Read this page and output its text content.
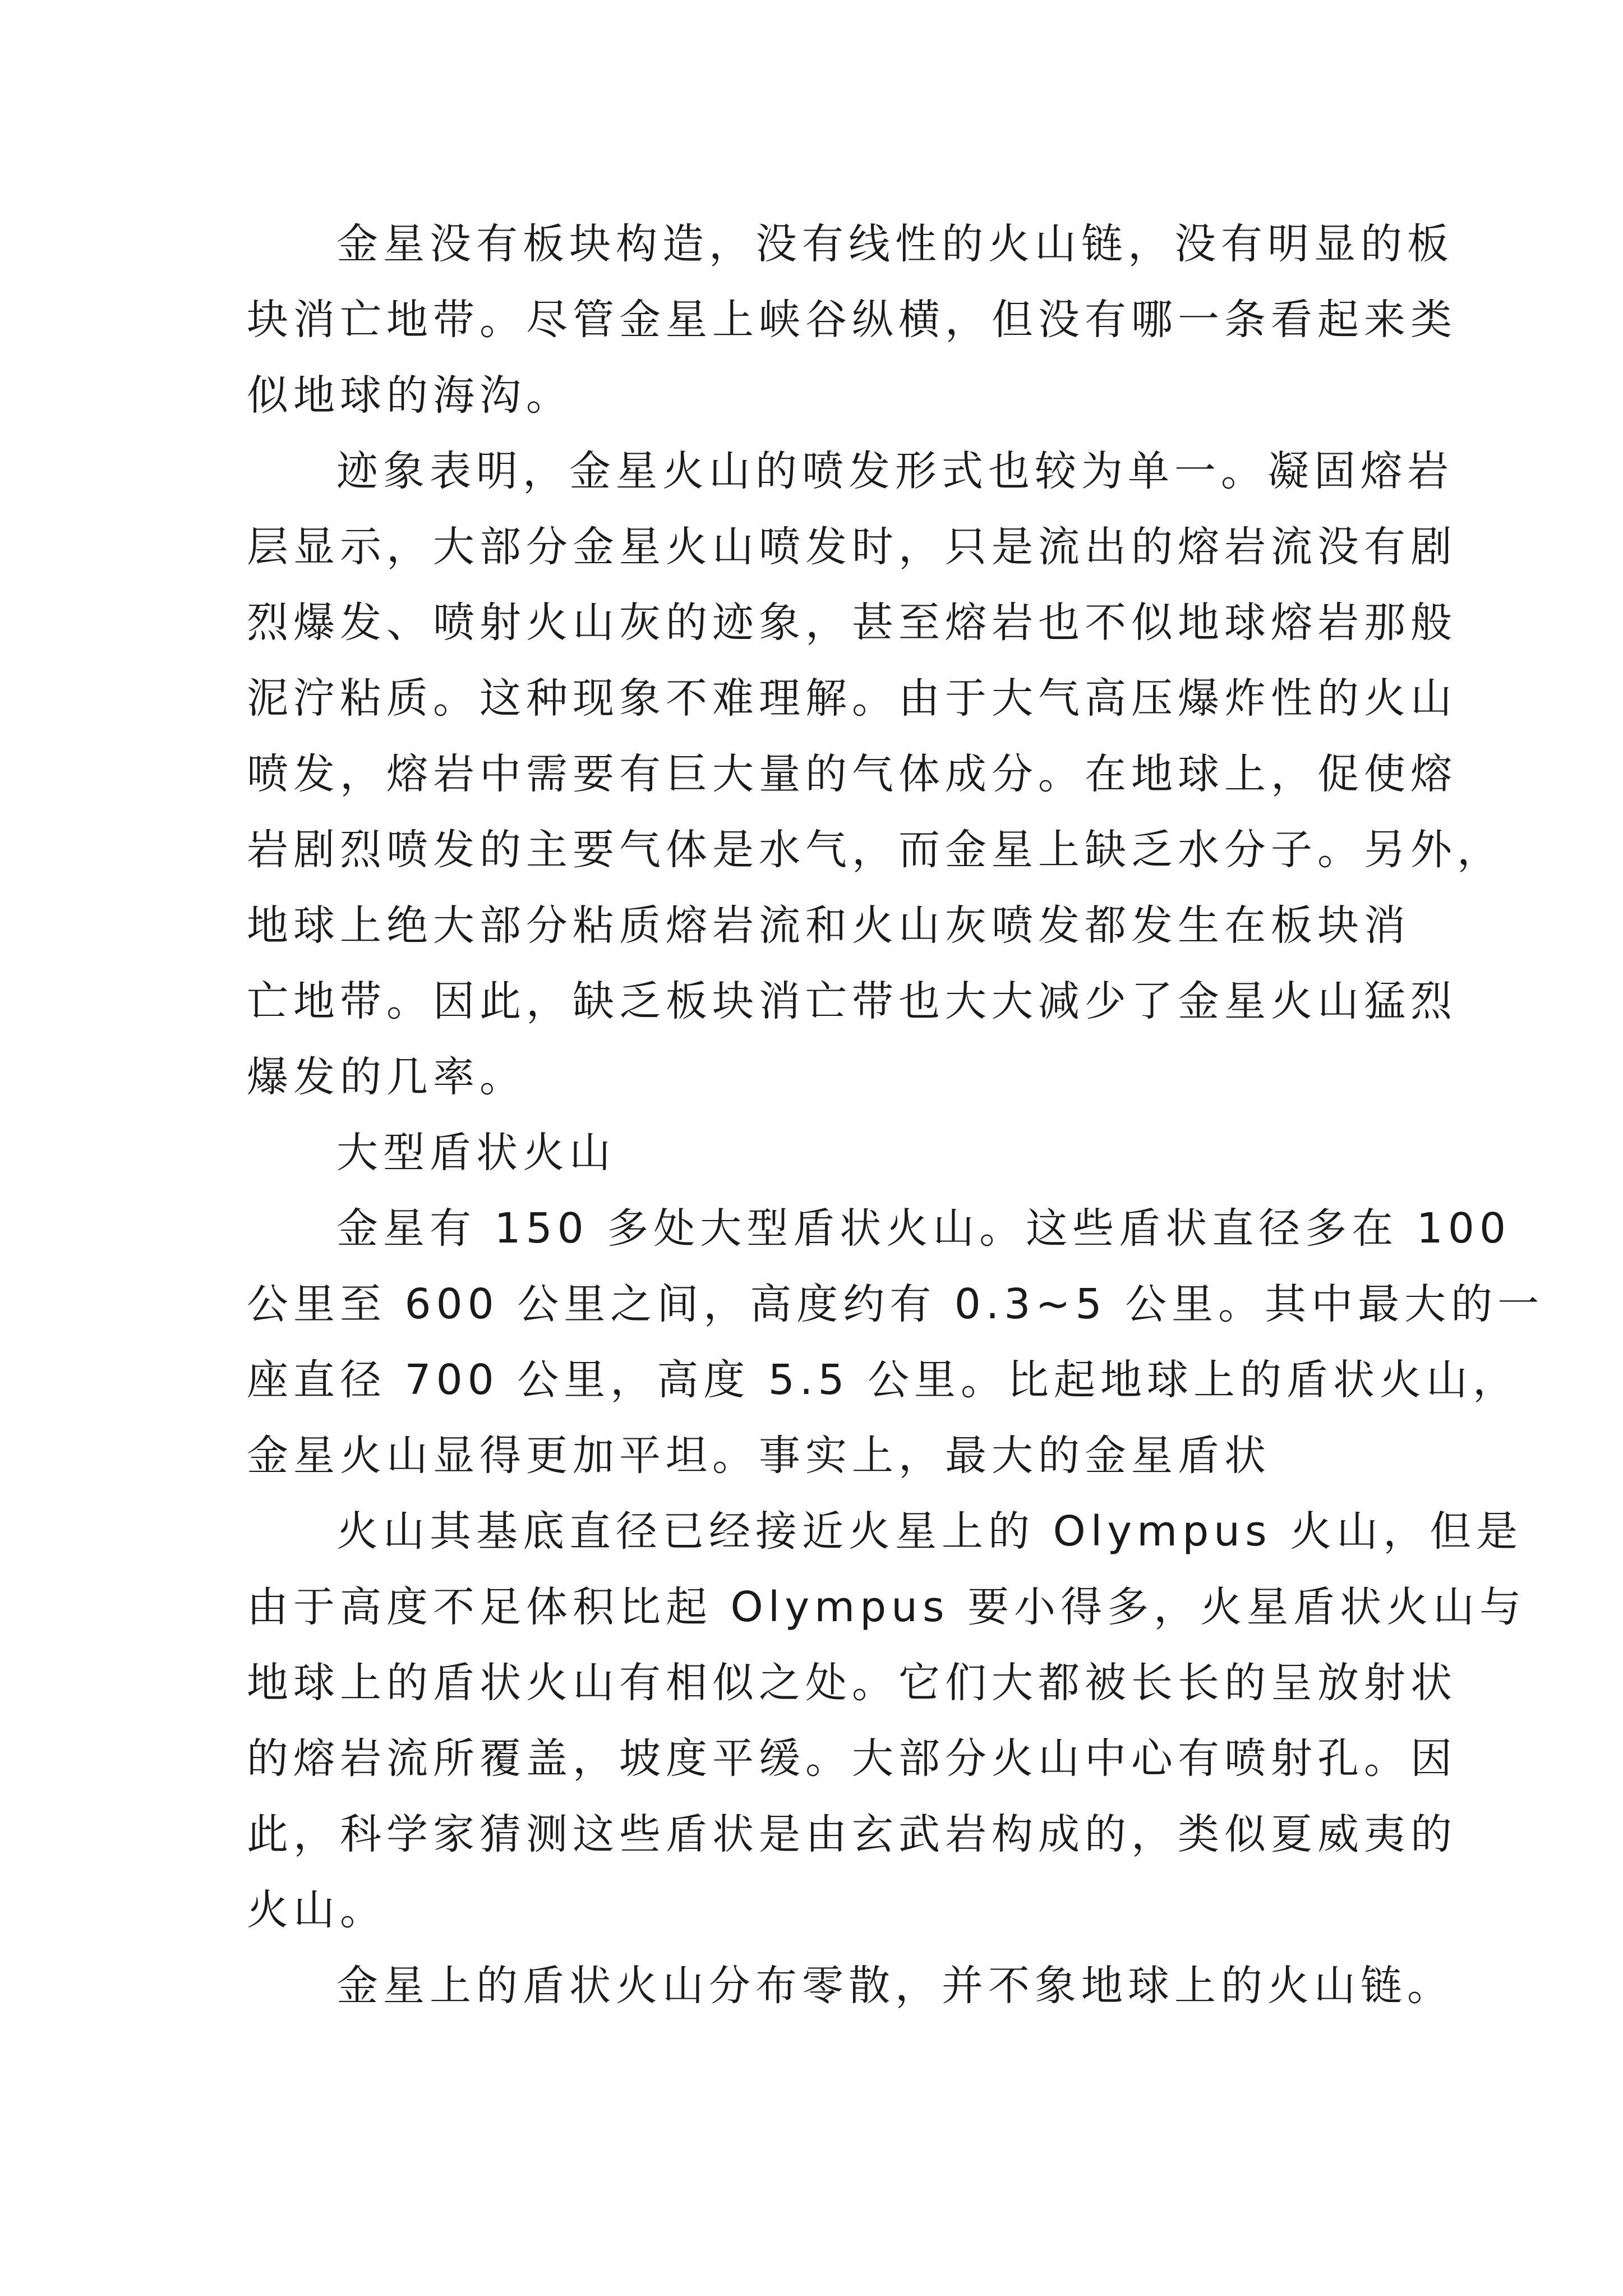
金星没有板块构造，没有线性的火山链，没有明显的板
块消亡地带。尽管金星上峡谷纵横，但没有哪一条看起来类
似地球的海沟。
迹象表明，金星火山的喷发形式也较为单一。凝固熔岩
层显示，大部分金星火山喷发时，只是流出的熔岩流没有剧
烈爆发、喷射火山灰的迹象，甚至熔岩也不似地球熔岩那般
泥泞粘质。这种现象不难理解。由于大气高压爆炸性的火山
喷发，熔岩中需要有巨大量的气体成分。在地球上，促使熔
岩剧烈喷发的主要气体是水气，而金星上缺乏水分子。另外，
地球上绝大部分粘质熔岩流和火山灰喷发都发生在板块消
亡地带。因此，缺乏板块消亡带也大大减少了金星火山猛烈
爆发的几率。
大型盾状火山
金星有 150 多处大型盾状火山。这些盾状直径多在 100
公里至 600 公里之间，高度约有 0.3~5 公里。其中最大的一
座直径 700 公里，高度 5.5 公里。比起地球上的盾状火山，
金星火山显得更加平坦。事实上，最大的金星盾状
火山其基底直径已经接近火星上的 Olympus 火山，但是
由于高度不足体积比起 Olympus 要小得多，火星盾状火山与
地球上的盾状火山有相似之处。它们大都被长长的呈放射状
的熔岩流所覆盖，坡度平缓。大部分火山中心有喷射孔。因
此，科学家猜测这些盾状是由玄武岩构成的，类似夏威夷的
火山。
金星上的盾状火山分布零散，并不象地球上的火山链。
